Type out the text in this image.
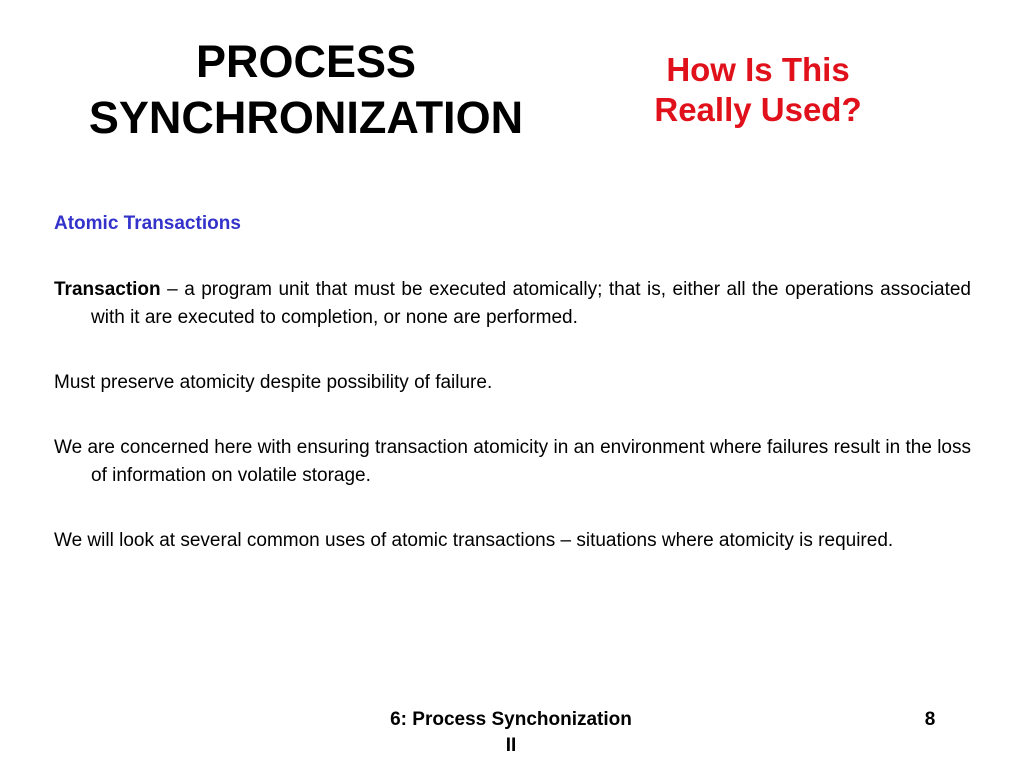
PROCESS
SYNCHRONIZATION
How Is This
Really Used?

Atomic Transactions

Transaction – a program unit that must be executed atomically; that is, either all the operations associated with it are executed to completion, or none are performed.

Must preserve atomicity despite possibility of failure.

We are concerned here with ensuring transaction atomicity in an environment where failures result in the loss of information on volatile storage.

We will look at several common uses of atomic transactions – situations where atomicity is required.

6: Process Synchonization
II
8
